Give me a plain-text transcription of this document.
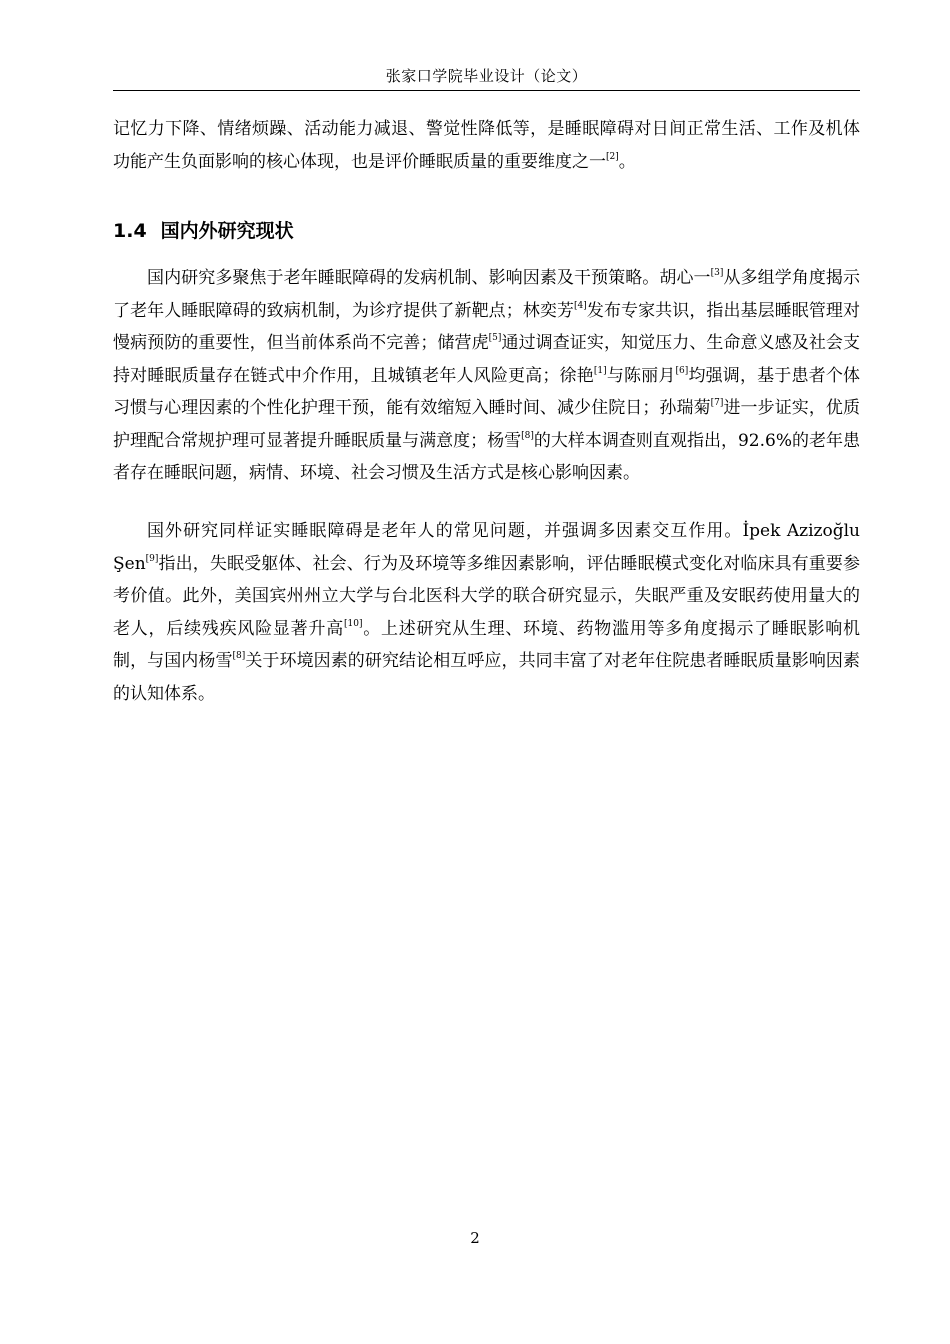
张家口学院毕业设计（论文）

记忆力下降、情绪烦躁、活动能力减退、警觉性降低等，是睡眠障碍对日间正常生活、工作及机体功能产生负面影响的核心体现，也是评价睡眠质量的重要维度之一[2]。

1.4 国内外研究现状

国内研究多聚焦于老年睡眠障碍的发病机制、影响因素及干预策略。胡心一[3]从多组学角度揭示了老年人睡眠障碍的致病机制，为诊疗提供了新靶点；林奕芳[4]发布专家共识，指出基层睡眠管理对慢病预防的重要性，但当前体系尚不完善；储营虎[5]通过调查证实，知觉压力、生命意义感及社会支持对睡眠质量存在链式中介作用，且城镇老年人风险更高；徐艳[1]与陈丽月[6]均强调，基于患者个体习惯与心理因素的个性化护理干预，能有效缩短入睡时间、减少住院日；孙瑞菊[7]进一步证实，优质护理配合常规护理可显著提升睡眠质量与满意度；杨雪[8]的大样本调查则直观指出，92.6%的老年患者存在睡眠问题，病情、环境、社会习惯及生活方式是核心影响因素。

国外研究同样证实睡眠障碍是老年人的常见问题，并强调多因素交互作用。İpek Azizoğlu Şen[9]指出，失眠受躯体、社会、行为及环境等多维因素影响，评估睡眠模式变化对临床具有重要参考价值。此外，美国宾州州立大学与台北医科大学的联合研究显示，失眠严重及安眠药使用量大的老人，后续残疾风险显著升高[10]。上述研究从生理、环境、药物滥用等多角度揭示了睡眠影响机制，与国内杨雪[8]关于环境因素的研究结论相互呼应，共同丰富了对老年住院患者睡眠质量影响因素的认知体系。

2
